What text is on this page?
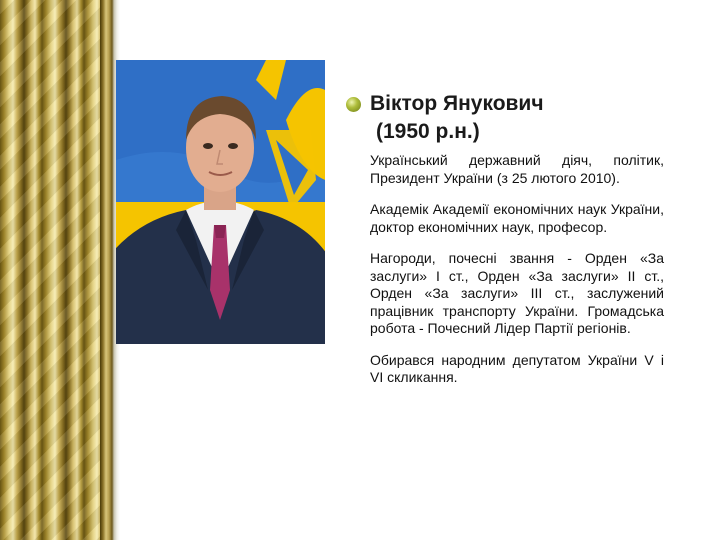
Віктор Янукович
(1950 р.н.)

Український державний діяч, політик, Президент України (з 25 лютого 2010).

Академік Академії економічних наук України, доктор економічних наук, професор.

Нагороди, почесні звання - Орден «За заслуги» І ст., Орден «За заслуги» ІІ ст., Орден «За заслуги» ІІІ ст., заслужений працівник транспорту України. Громадська робота - Почесний Лідер Партії регіонів.

Обирався народним депутатом України V і VI скликання.
